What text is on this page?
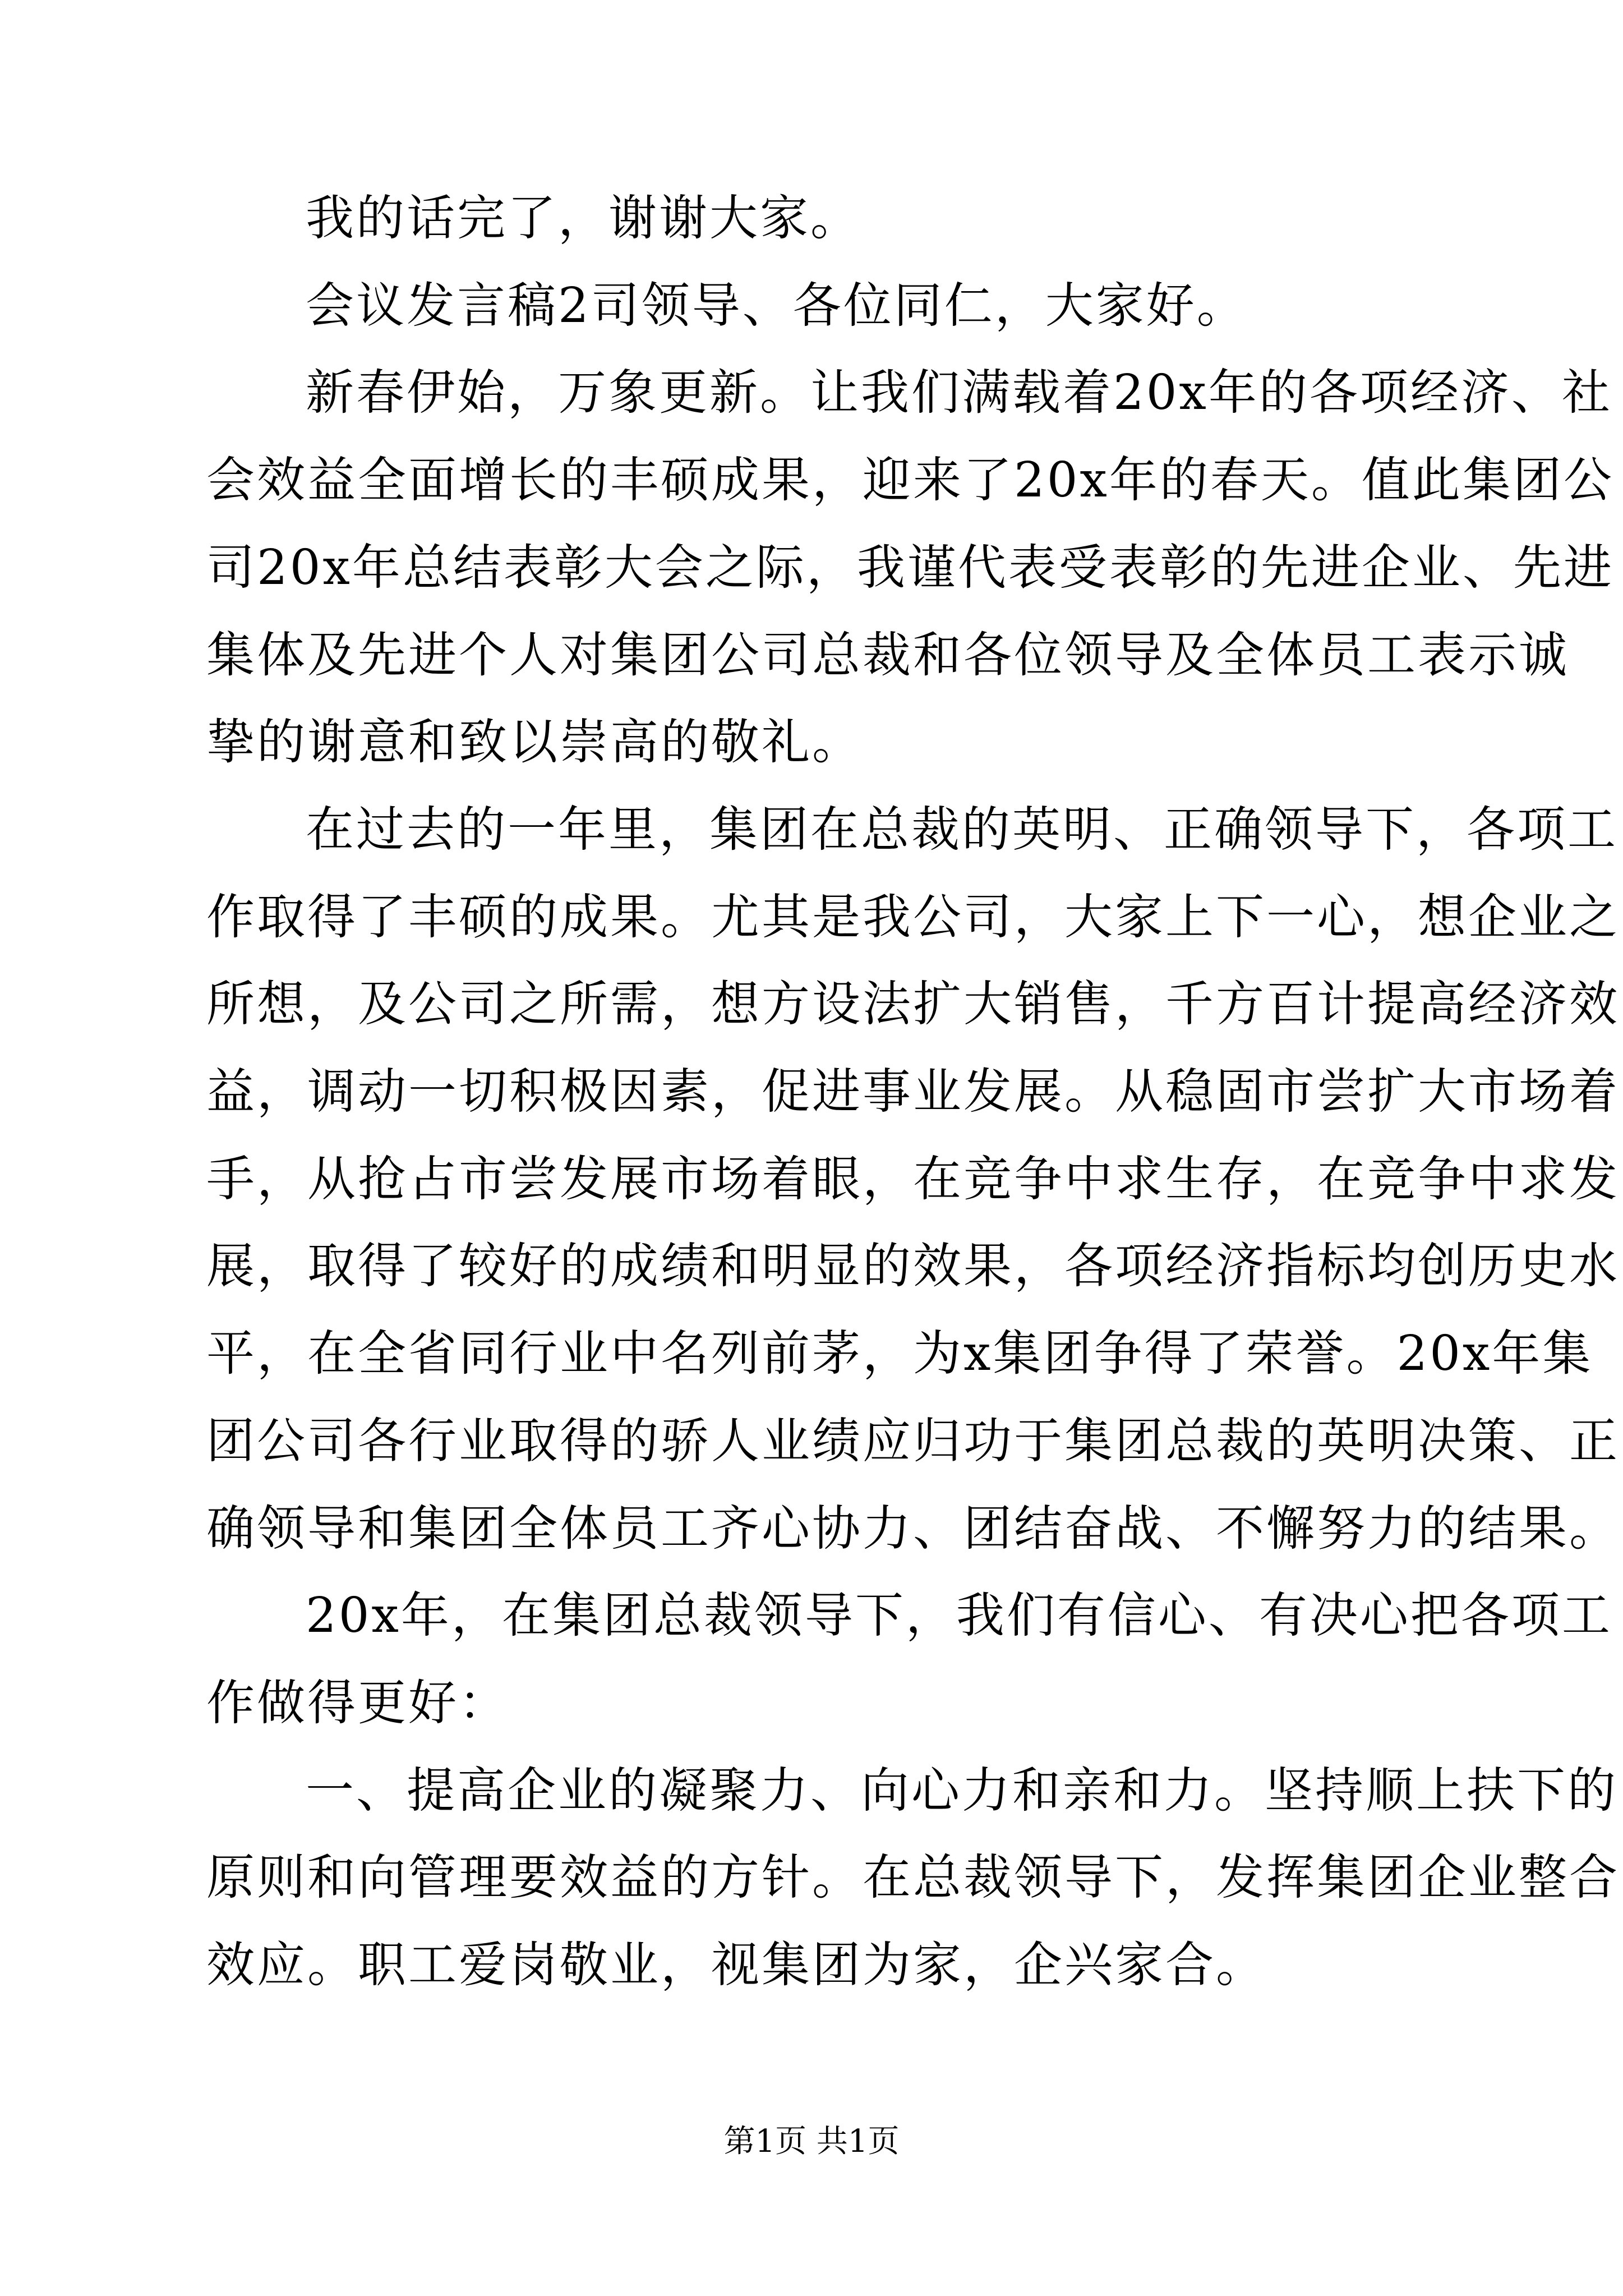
我的话完了，谢谢大家。
会议发言稿2司领导、各位同仁，大家好。
新春伊始，万象更新。让我们满载着20x年的各项经济、社
会效益全面增长的丰硕成果，迎来了20x年的春天。值此集团公
司20x年总结表彰大会之际，我谨代表受表彰的先进企业、先进
集体及先进个人对集团公司总裁和各位领导及全体员工表示诚
挚的谢意和致以崇高的敬礼。
在过去的一年里，集团在总裁的英明、正确领导下，各项工
作取得了丰硕的成果。尤其是我公司，大家上下一心，想企业之
所想，及公司之所需，想方设法扩大销售，千方百计提高经济效
益，调动一切积极因素，促进事业发展。从稳固市尝扩大市场着
手，从抢占市尝发展市场着眼，在竞争中求生存，在竞争中求发
展，取得了较好的成绩和明显的效果，各项经济指标均创历史水
平，在全省同行业中名列前茅，为x集团争得了荣誉。20x年集
团公司各行业取得的骄人业绩应归功于集团总裁的英明决策、正
确领导和集团全体员工齐心协力、团结奋战、不懈努力的结果。
20x年，在集团总裁领导下，我们有信心、有决心把各项工
作做得更好：
一、提高企业的凝聚力、向心力和亲和力。坚持顺上扶下的
原则和向管理要效益的方针。在总裁领导下，发挥集团企业整合
效应。职工爱岗敬业，视集团为家，企兴家合。
第1页 共1页
